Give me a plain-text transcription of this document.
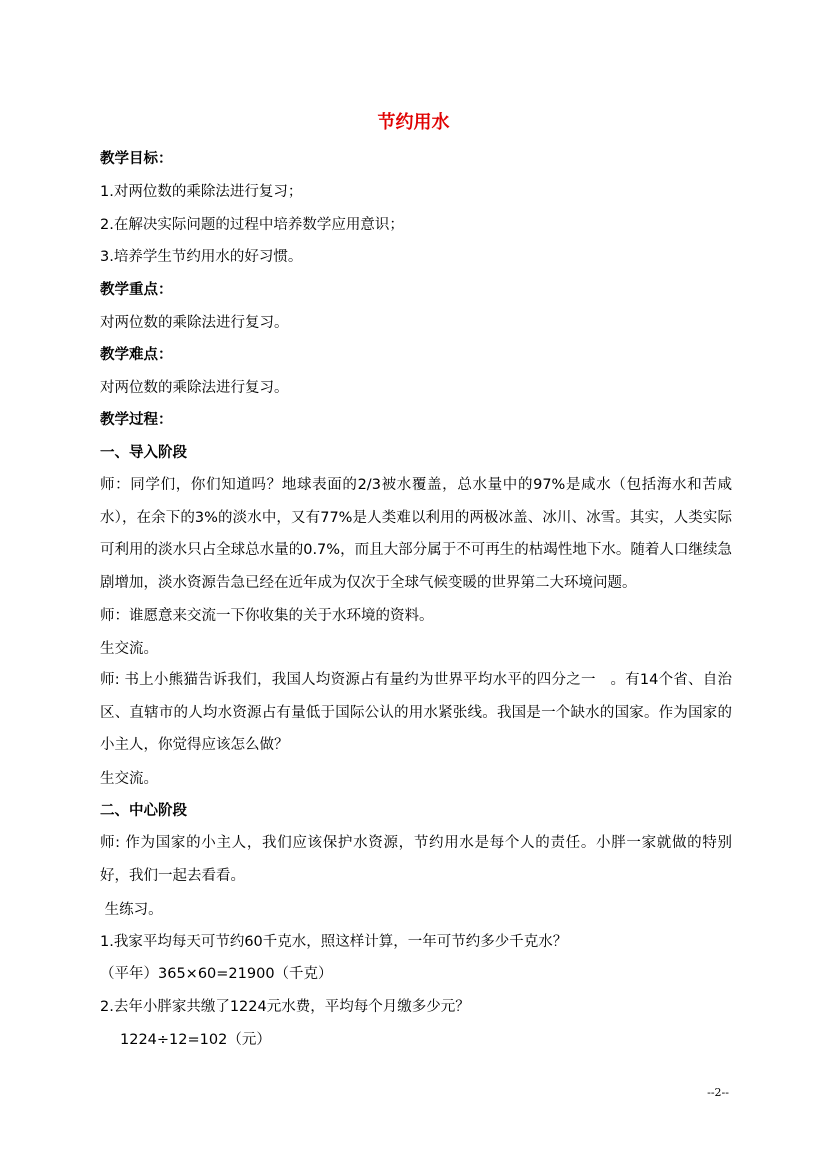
节约用水
教学目标：
1.对两位数的乘除法进行复习；
2.在解决实际问题的过程中培养数学应用意识；
3.培养学生节约用水的好习惯。
教学重点：
对两位数的乘除法进行复习。
教学难点：
对两位数的乘除法进行复习。
教学过程：
一、导入阶段
师：同学们，你们知道吗？地球表面的2/3被水覆盖，总水量中的97%是咸水（包括海水和苦咸水），在余下的3%的淡水中，又有77%是人类难以利用的两极冰盖、冰川、冰雪。其实，人类实际可利用的淡水只占全球总水量的0.7%，而且大部分属于不可再生的枯竭性地下水。随着人口继续急剧增加，淡水资源告急已经在近年成为仅次于全球气候变暖的世界第二大环境问题。
师：谁愿意来交流一下你收集的关于水环境的资料。
生交流。
师: 书上小熊猫告诉我们，我国人均资源占有量约为世界平均水平的四分之一　。有14个省、自治区、直辖市的人均水资源占有量低于国际公认的用水紧张线。我国是一个缺水的国家。作为国家的小主人，你觉得应该怎么做？
生交流。
二、中心阶段
师: 作为国家的小主人，我们应该保护水资源，节约用水是每个人的责任。小胖一家就做的特别好，我们一起去看看。
生练习。
1.我家平均每天可节约60千克水，照这样计算，一年可节约多少千克水？
（平年）365×60=21900（千克）
2.去年小胖家共缴了1224元水费，平均每个月缴多少元？
1224÷12=102（元）
--2--
